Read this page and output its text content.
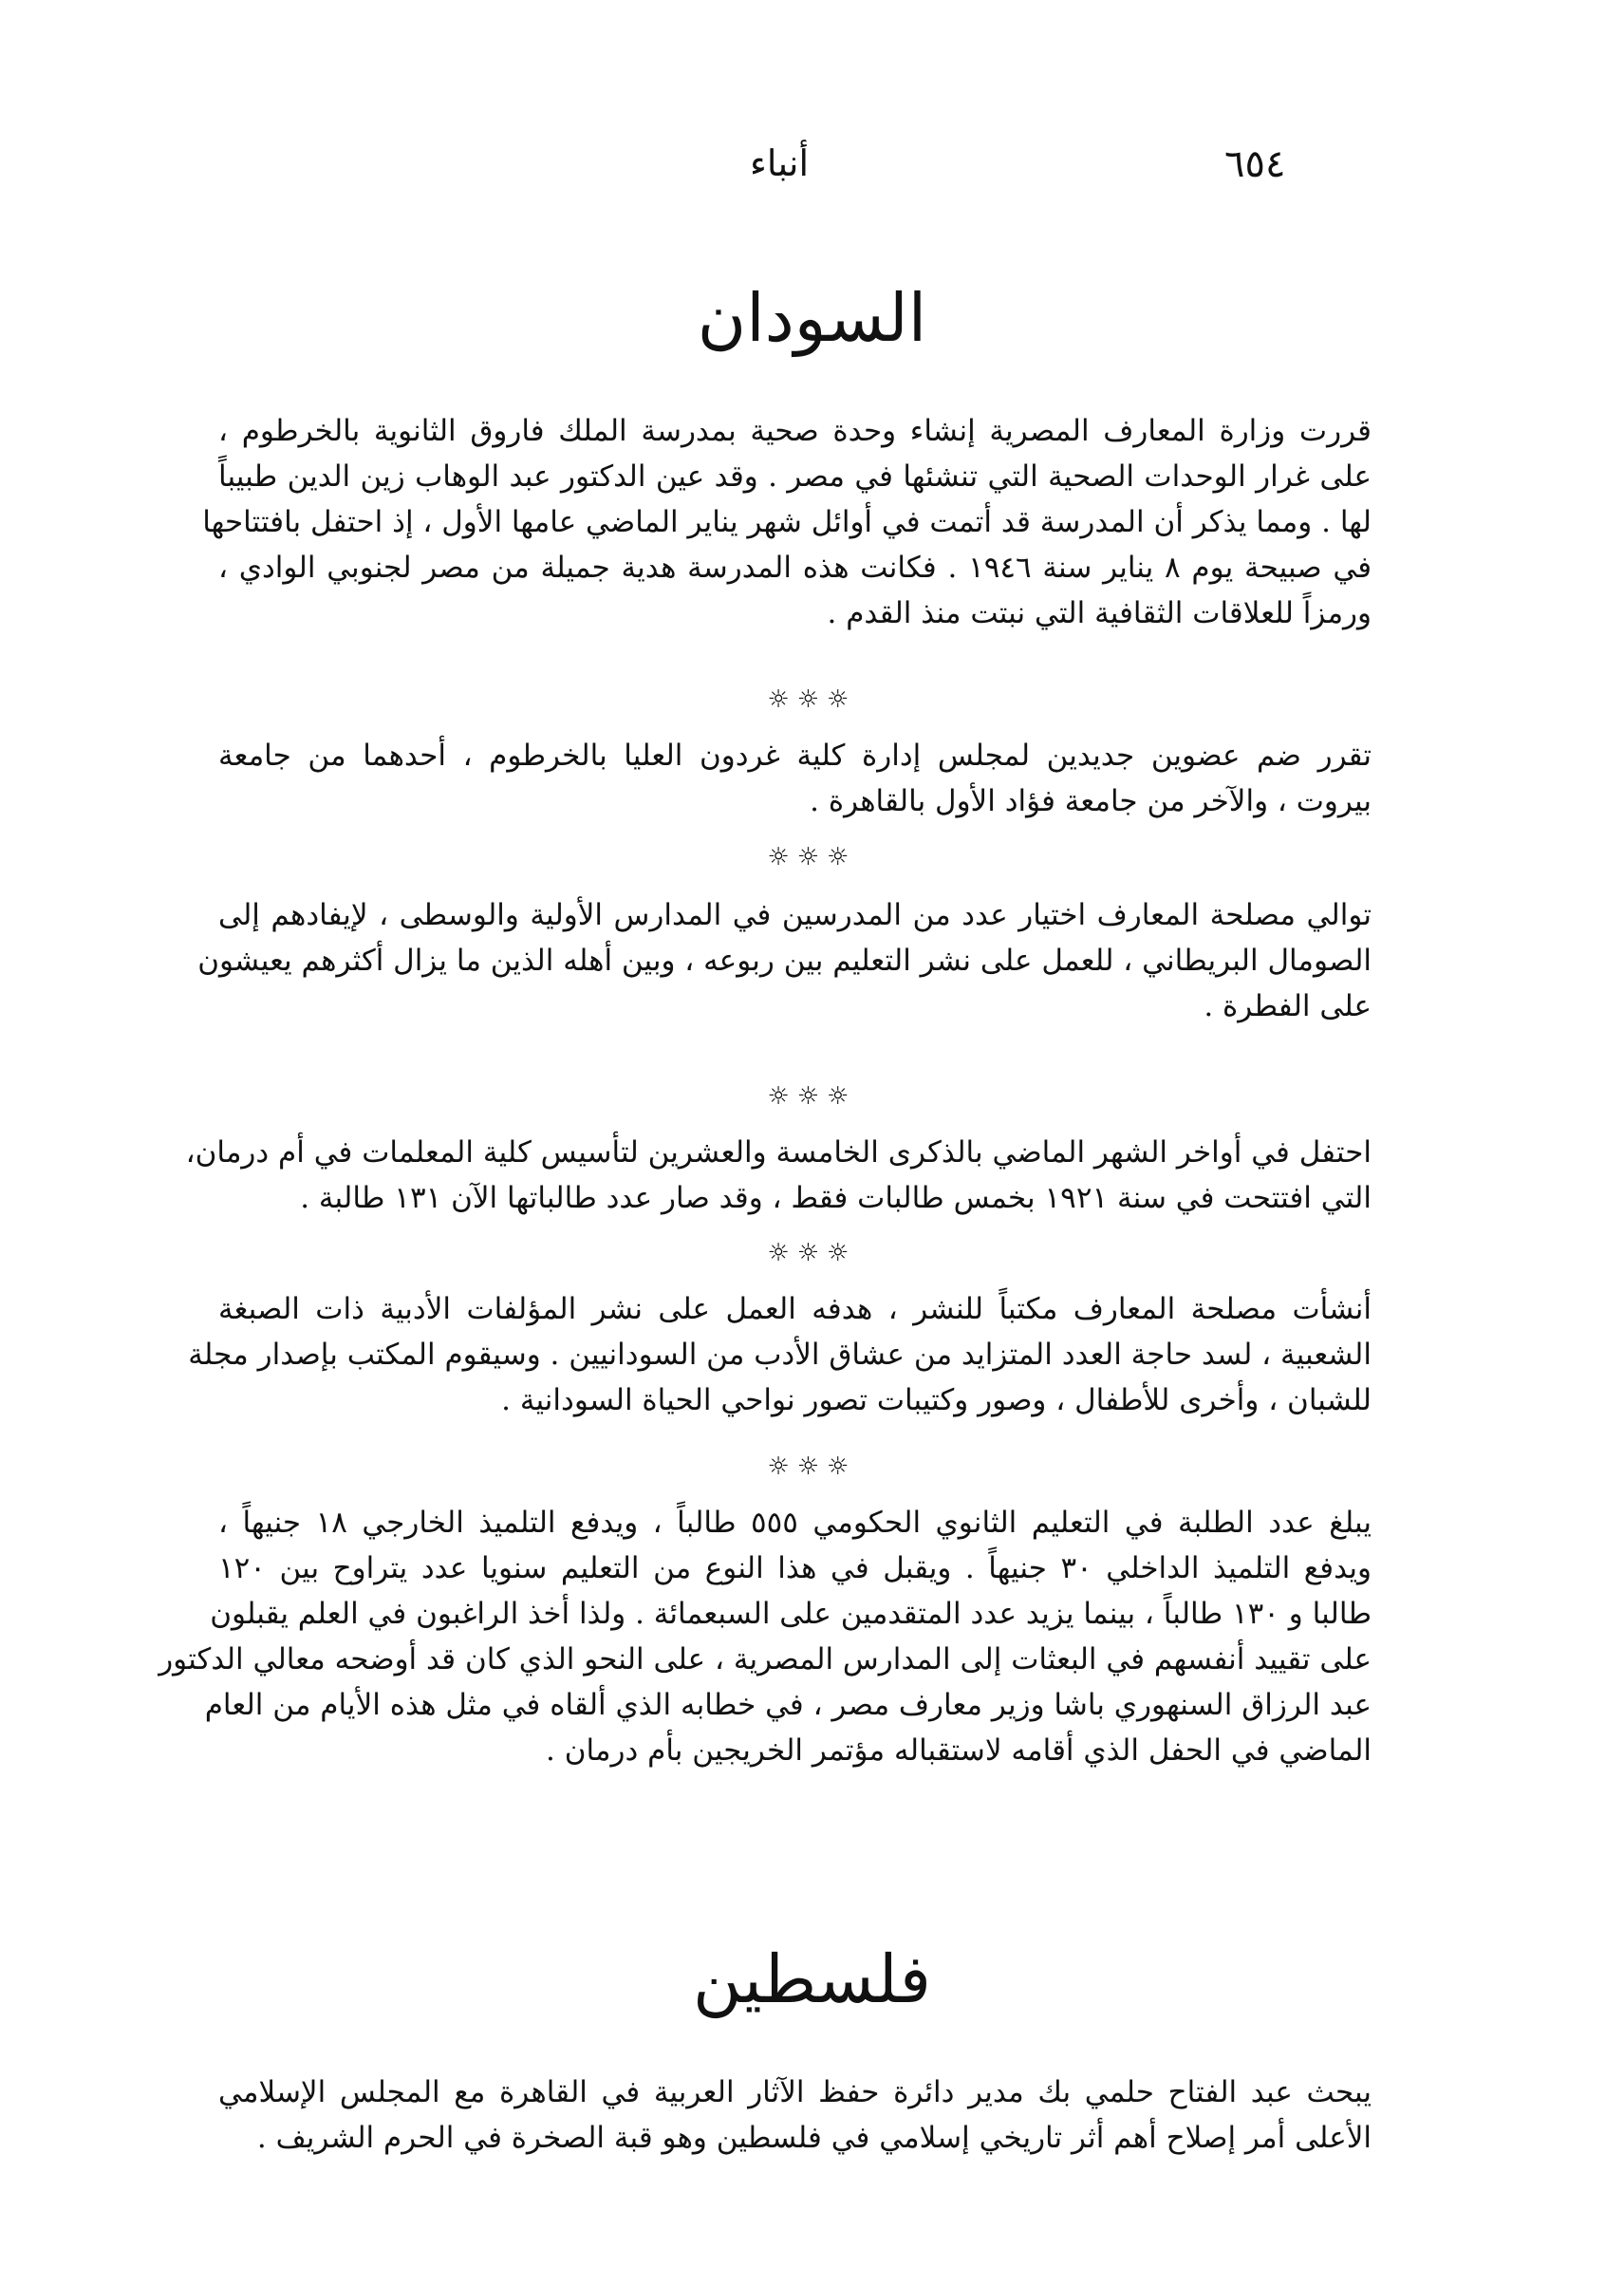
٦٥٤
أنباء
السودان

قررت وزارة المعارف المصرية إنشاء وحدة صحية بمدرسة الملك فاروق الثانوية بالخرطوم ،
على غرار الوحدات الصحية التي تنشئها في مصر . وقد عين الدكتور عبد الوهاب زين الدين طبيباً
لها . ومما يذكر أن المدرسة قد أتمت في أوائل شهر يناير الماضي عامها الأول ، إذ احتفل بافتتاحها
في صبيحة يوم ٨ يناير سنة ١٩٤٦ . فكانت هذه المدرسة هدية جميلة من مصر لجنوبي الوادي ،
ورمزاً للعلاقات الثقافية التي نبتت منذ القدم .

☼☼☼

تقرر ضم عضوين جديدين لمجلس إدارة كلية غردون العليا بالخرطوم ، أحدهما من جامعة
بيروت ، والآخر من جامعة فؤاد الأول بالقاهرة .

☼☼☼

توالي مصلحة المعارف اختيار عدد من المدرسين في المدارس الأولية والوسطى ، لإيفادهم إلى
الصومال البريطاني ، للعمل على نشر التعليم بين ربوعه ، وبين أهله الذين ما يزال أكثرهم يعيشون
على الفطرة .

☼☼☼

احتفل في أواخر الشهر الماضي بالذكرى الخامسة والعشرين لتأسيس كلية المعلمات في أم درمان،
التي افتتحت في سنة ١٩٢١ بخمس طالبات فقط ، وقد صار عدد طالباتها الآن ١٣١ طالبة .

☼☼☼

أنشأت مصلحة المعارف مكتباً للنشر ، هدفه العمل على نشر المؤلفات الأدبية ذات الصبغة
الشعبية ، لسد حاجة العدد المتزايد من عشاق الأدب من السودانيين . وسيقوم المكتب بإصدار مجلة
للشبان ، وأخرى للأطفال ، وصور وكتيبات تصور نواحي الحياة السودانية .

☼☼☼

يبلغ عدد الطلبة في التعليم الثانوي الحكومي ٥٥٥ طالباً ، ويدفع التلميذ الخارجي ١٨ جنيهاً ،
ويدفع التلميذ الداخلي ٣٠ جنيهاً . ويقبل في هذا النوع من التعليم سنويا عدد يتراوح بين ١٢٠
طالبا و ١٣٠ طالباً ، بينما يزيد عدد المتقدمين على السبعمائة . ولذا أخذ الراغبون في العلم يقبلون
على تقييد أنفسهم في البعثات إلى المدارس المصرية ، على النحو الذي كان قد أوضحه معالي الدكتور
عبد الرزاق السنهوري باشا وزير معارف مصر ، في خطابه الذي ألقاه في مثل هذه الأيام من العام
الماضي في الحفل الذي أقامه لاستقباله مؤتمر الخريجين بأم درمان .

فلسطين

يبحث عبد الفتاح حلمي بك مدير دائرة حفظ الآثار العربية في القاهرة مع المجلس الإسلامي
الأعلى أمر إصلاح أهم أثر تاريخي إسلامي في فلسطين وهو قبة الصخرة في الحرم الشريف .
